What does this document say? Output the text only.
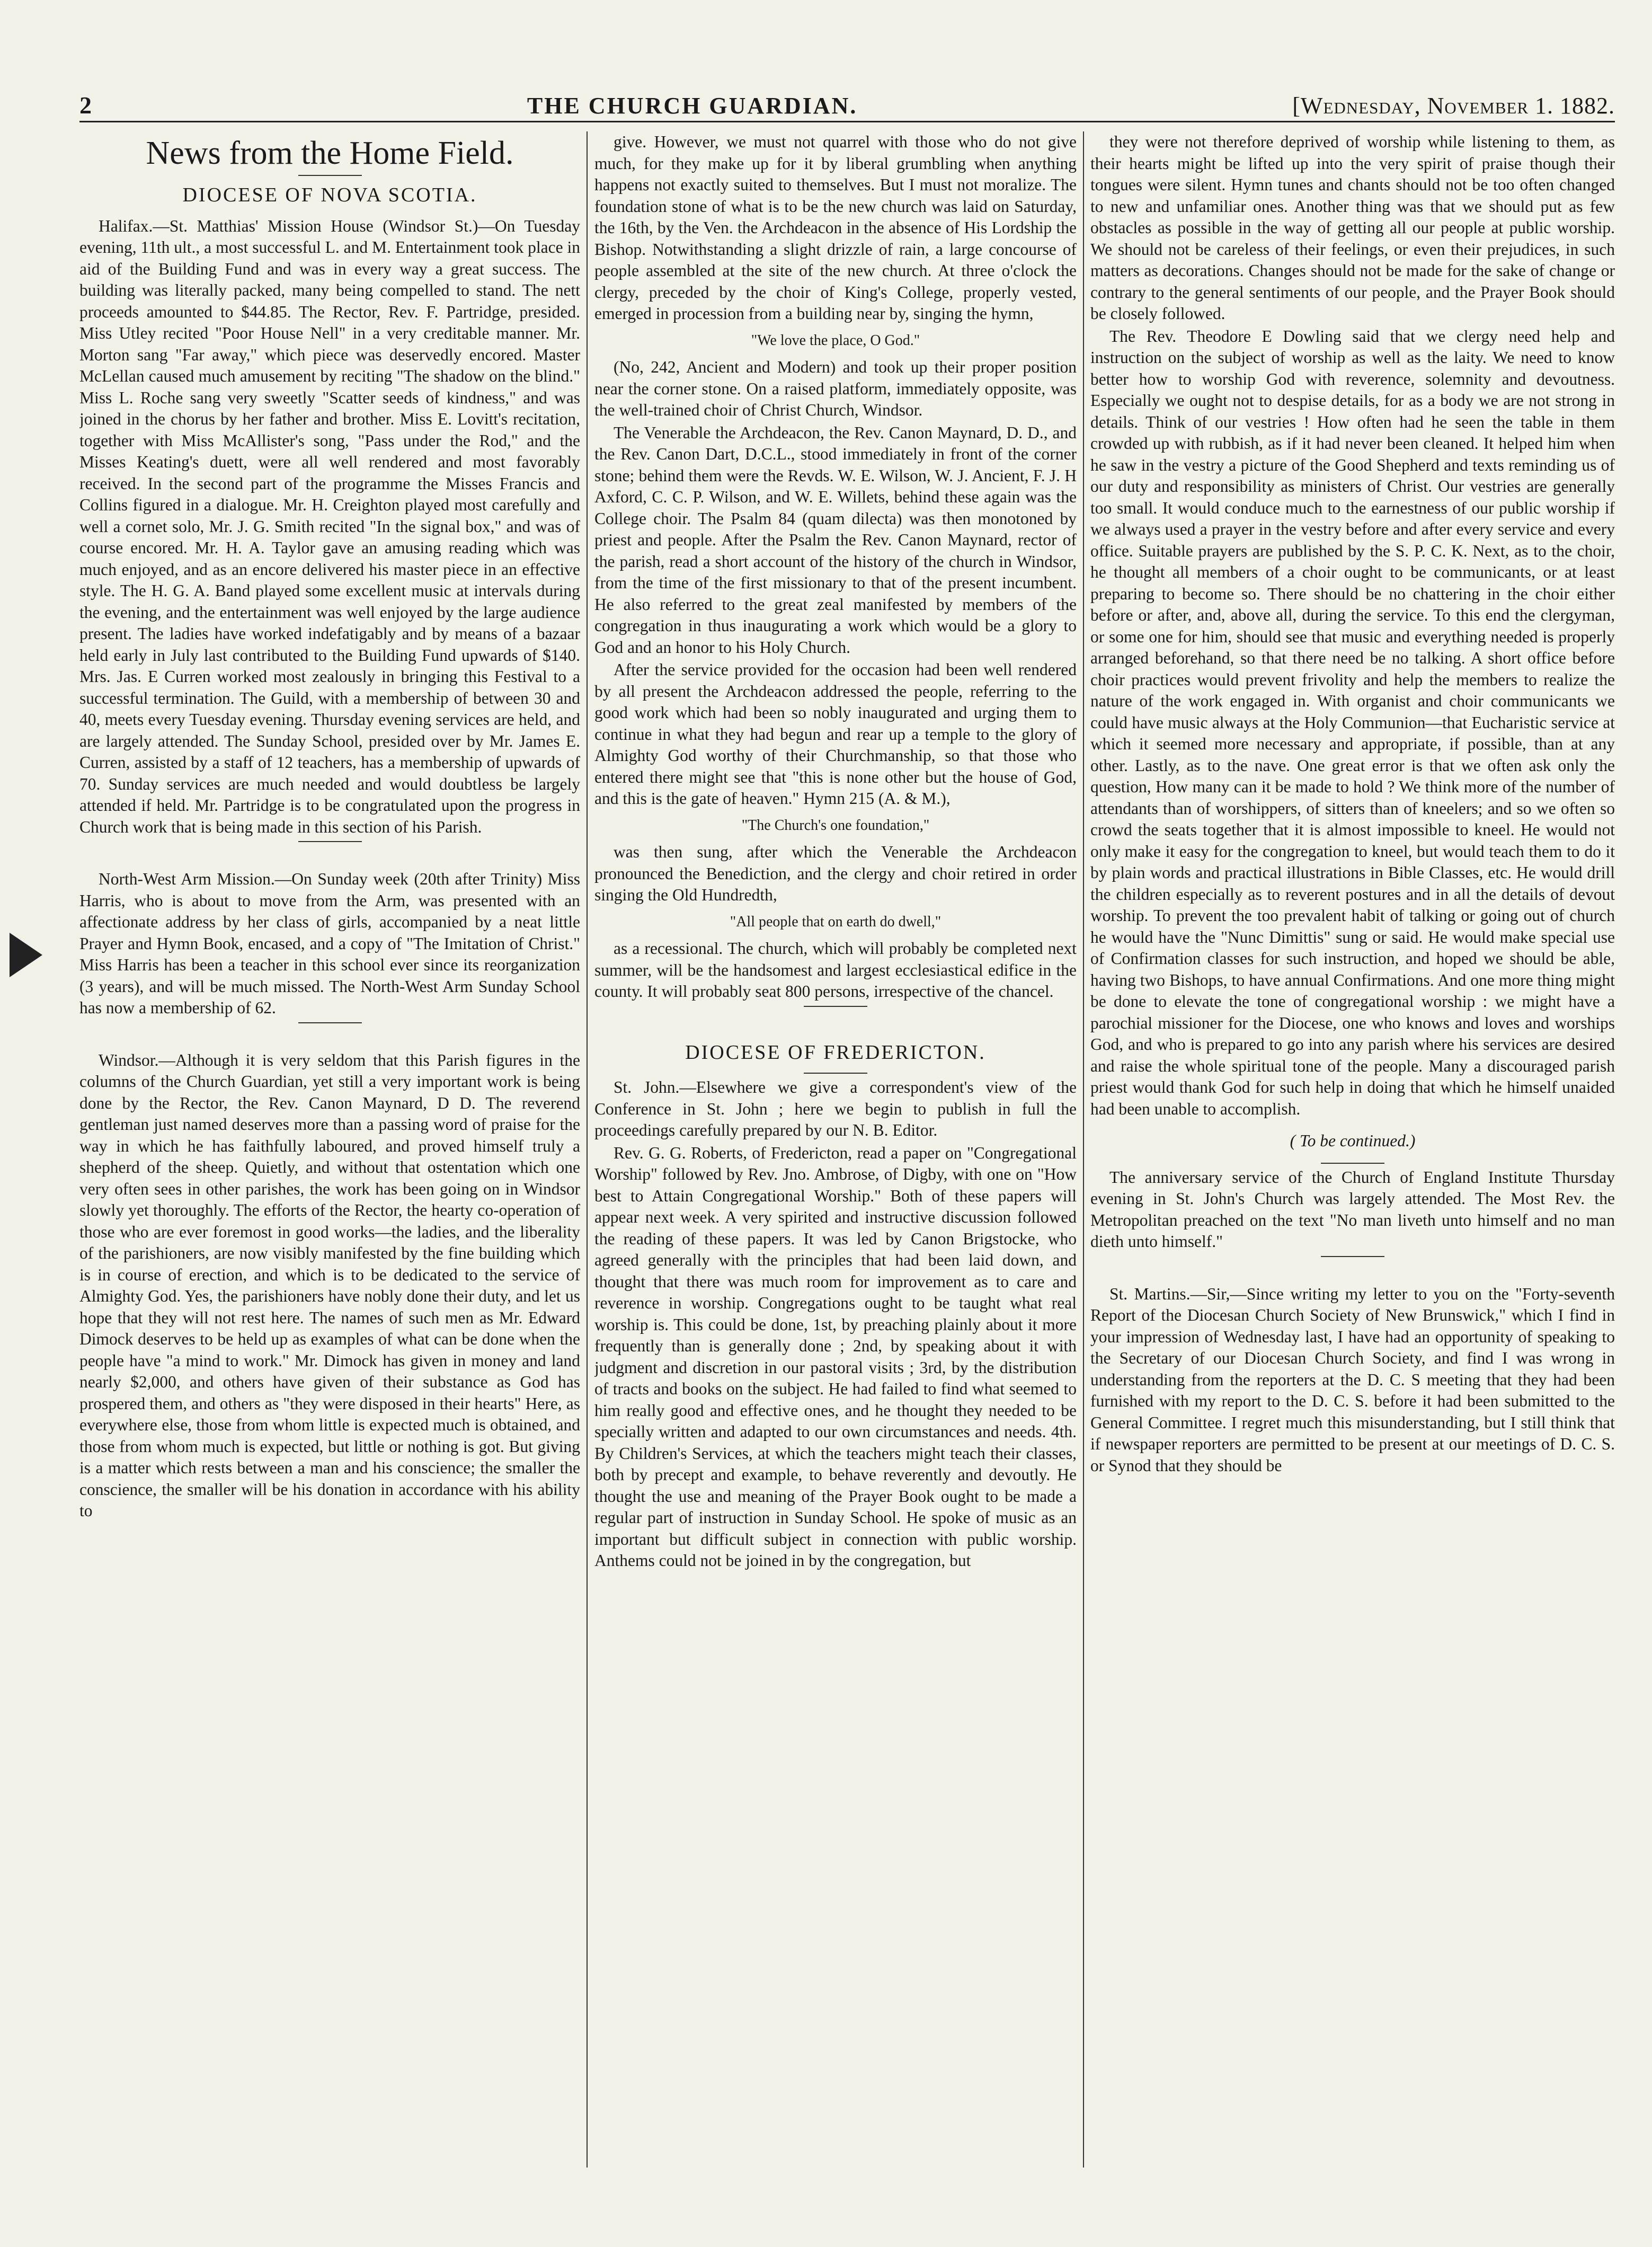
2	THE CHURCH GUARDIAN.	[Wednesday, November 1. 1882.
News from the Home Field.
DIOCESE OF NOVA SCOTIA.

Halifax.—St. Matthias' Mission House (Windsor St.)—On Tuesday evening, 11th ult., a most successful L. and M. Entertainment took place in aid of the Building Fund and was in every way a great success. The building was literally packed, many being compelled to stand. The nett proceeds amounted to $44.85. The Rector, Rev. F. Partridge, presided. Miss Utley recited "Poor House Nell" in a very creditable manner. Mr. Morton sang "Far away," which piece was deservedly encored. Master McLellan caused much amusement by reciting "The shadow on the blind." Miss L. Roche sang very sweetly "Scatter seeds of kindness," and was joined in the chorus by her father and brother. Miss E. Lovitt's recitation, together with Miss McAllister's song, "Pass under the Rod," and the Misses Keating's duett, were all well rendered and most favorably received. In the second part of the programme the Misses Francis and Collins figured in a dialogue. Mr. H. Creighton played most carefully and well a cornet solo, Mr. J. G. Smith recited "In the signal box," and was of course encored. Mr. H. A. Taylor gave an amusing reading which was much enjoyed, and as an encore delivered his master piece in an effective style. The H. G. A. Band played some excellent music at intervals during the evening, and the entertainment was well enjoyed by the large audience present. The ladies have worked indefatigably and by means of a bazaar held early in July last contributed to the Building Fund upwards of $140. Mrs. Jas. E Curren worked most zealously in bringing this Festival to a successful termination. The Guild, with a membership of between 30 and 40, meets every Tuesday evening. Thursday evening services are held, and are largely attended. The Sunday School, presided over by Mr. James E. Curren, assisted by a staff of 12 teachers, has a membership of upwards of 70. Sunday services are much needed and would doubtless be largely attended if held. Mr. Partridge is to be congratulated upon the progress in Church work that is being made in this section of his Parish.

North-West Arm Mission.—On Sunday week (20th after Trinity) Miss Harris, who is about to move from the Arm, was presented with an affectionate address by her class of girls, accompanied by a neat little Prayer and Hymn Book, encased, and a copy of "The Imitation of Christ." Miss Harris has been a teacher in this school ever since its reorganization (3 years), and will be much missed. The North-West Arm Sunday School has now a membership of 62.

Windsor.—Although it is very seldom that this Parish figures in the columns of the Church Guardian, yet still a very important work is being done by the Rector, the Rev. Canon Maynard, D D. The reverend gentleman just named deserves more than a passing word of praise for the way in which he has faithfully laboured, and proved himself truly a shepherd of the sheep. Quietly, and without that ostentation which one very often sees in other parishes, the work has been going on in Windsor slowly yet thoroughly. The efforts of the Rector, the hearty co-operation of those who are ever foremost in good works—the ladies, and the liberality of the parishioners, are now visibly manifested by the fine building which is in course of erection, and which is to be dedicated to the service of Almighty God. Yes, the parishioners have nobly done their duty, and let us hope that they will not rest here. The names of such men as Mr. Edward Dimock deserves to be held up as examples of what can be done when the people have "a mind to work." Mr. Dimock has given in money and land nearly $2,000, and others have given of their substance as God has prospered them, and others as "they were disposed in their hearts" Here, as everywhere else, those from whom little is expected much is obtained, and those from whom much is expected, but little or nothing is got. But giving is a matter which rests between a man and his conscience; the smaller the conscience, the smaller will be his donation in accordance with his ability to

give. However, we must not quarrel with those who do not give much, for they make up for it by liberal grumbling when anything happens not exactly suited to themselves. But I must not moralize. The foundation stone of what is to be the new church was laid on Saturday, the 16th, by the Ven. the Archdeacon in the absence of His Lordship the Bishop. Notwithstanding a slight drizzle of rain, a large concourse of people assembled at the site of the new church. At three o'clock the clergy, preceded by the choir of King's College, properly vested, emerged in procession from a building near by, singing the hymn,

"We love the place, O God."

(No, 242, Ancient and Modern) and took up their proper position near the corner stone. On a raised platform, immediately opposite, was the well-trained choir of Christ Church, Windsor.

The Venerable the Archdeacon, the Rev. Canon Maynard, D. D., and the Rev. Canon Dart, D.C.L., stood immediately in front of the corner stone; behind them were the Revds. W. E. Wilson, W. J. Ancient, F. J. H Axford, C. C. P. Wilson, and W. E. Willets, behind these again was the College choir. The Psalm 84 (quam dilecta) was then monotoned by priest and people. After the Psalm the Rev. Canon Maynard, rector of the parish, read a short account of the history of the church in Windsor, from the time of the first missionary to that of the present incumbent. He also referred to the great zeal manifested by members of the congregation in thus inaugurating a work which would be a glory to God and an honor to his Holy Church.

After the service provided for the occasion had been well rendered by all present the Archdeacon addressed the people, referring to the good work which had been so nobly inaugurated and urging them to continue in what they had begun and rear up a temple to the glory of Almighty God worthy of their Churchmanship, so that those who entered there might see that "this is none other but the house of God, and this is the gate of heaven." Hymn 215 (A. & M.),

"The Church's one foundation,"

was then sung, after which the Venerable the Archdeacon pronounced the Benediction, and the clergy and choir retired in order singing the Old Hundredth,

"All people that on earth do dwell,"

as a recessional. The church, which will probably be completed next summer, will be the handsomest and largest ecclesiastical edifice in the county. It will probably seat 800 persons, irrespective of the chancel.

DIOCESE OF FREDERICTON.

St. John.—Elsewhere we give a correspondent's view of the Conference in St. John ; here we begin to publish in full the proceedings carefully prepared by our N. B. Editor.

Rev. G. G. Roberts, of Fredericton, read a paper on "Congregational Worship" followed by Rev. Jno. Ambrose, of Digby, with one on "How best to Attain Congregational Worship." Both of these papers will appear next week. A very spirited and instructive discussion followed the reading of these papers. It was led by Canon Brigstocke, who agreed generally with the principles that had been laid down, and thought that there was much room for improvement as to care and reverence in worship. Congregations ought to be taught what real worship is. This could be done, 1st, by preaching plainly about it more frequently than is generally done ; 2nd, by speaking about it with judgment and discretion in our pastoral visits ; 3rd, by the distribution of tracts and books on the subject. He had failed to find what seemed to him really good and effective ones, and he thought they needed to be specially written and adapted to our own circumstances and needs. 4th. By Children's Services, at which the teachers might teach their classes, both by precept and example, to behave reverently and devoutly. He thought the use and meaning of the Prayer Book ought to be made a regular part of instruction in Sunday School. He spoke of music as an important but difficult subject in connection with public worship. Anthems could not be joined in by the congregation, but

they were not therefore deprived of worship while listening to them, as their hearts might be lifted up into the very spirit of praise though their tongues were silent. Hymn tunes and chants should not be too often changed to new and unfamiliar ones. Another thing was that we should put as few obstacles as possible in the way of getting all our people at public worship. We should not be careless of their feelings, or even their prejudices, in such matters as decorations. Changes should not be made for the sake of change or contrary to the general sentiments of our people, and the Prayer Book should be closely followed.

The Rev. Theodore E Dowling said that we clergy need help and instruction on the subject of worship as well as the laity. We need to know better how to worship God with reverence, solemnity and devoutness. Especially we ought not to despise details, for as a body we are not strong in details. Think of our vestries ! How often had he seen the table in them crowded up with rubbish, as if it had never been cleaned. It helped him when he saw in the vestry a picture of the Good Shepherd and texts reminding us of our duty and responsibility as ministers of Christ. Our vestries are generally too small. It would conduce much to the earnestness of our public worship if we always used a prayer in the vestry before and after every service and every office. Suitable prayers are published by the S. P. C. K. Next, as to the choir, he thought all members of a choir ought to be communicants, or at least preparing to become so. There should be no chattering in the choir either before or after, and, above all, during the service. To this end the clergyman, or some one for him, should see that music and everything needed is properly arranged beforehand, so that there need be no talking. A short office before choir practices would prevent frivolity and help the members to realize the nature of the work engaged in. With organist and choir communicants we could have music always at the Holy Communion—that Eucharistic service at which it seemed more necessary and appropriate, if possible, than at any other. Lastly, as to the nave. One great error is that we often ask only the question, How many can it be made to hold ? We think more of the number of attendants than of worshippers, of sitters than of kneelers; and so we often so crowd the seats together that it is almost impossible to kneel. He would not only make it easy for the congregation to kneel, but would teach them to do it by plain words and practical illustrations in Bible Classes, etc. He would drill the children especially as to reverent postures and in all the details of devout worship. To prevent the too prevalent habit of talking or going out of church he would have the "Nunc Dimittis" sung or said. He would make special use of Confirmation classes for such instruction, and hoped we should be able, having two Bishops, to have annual Confirmations. And one more thing might be done to elevate the tone of congregational worship : we might have a parochial missioner for the Diocese, one who knows and loves and worships God, and who is prepared to go into any parish where his services are desired and raise the whole spiritual tone of the people. Many a discouraged parish priest would thank God for such help in doing that which he himself unaided had been unable to accomplish.

( To be continued.)

The anniversary service of the Church of England Institute Thursday evening in St. John's Church was largely attended. The Most Rev. the Metropolitan preached on the text "No man liveth unto himself and no man dieth unto himself."

St. Martins.—Sir,—Since writing my letter to you on the "Forty-seventh Report of the Diocesan Church Society of New Brunswick," which I find in your impression of Wednesday last, I have had an opportunity of speaking to the Secretary of our Diocesan Church Society, and find I was wrong in understanding from the reporters at the D. C. S meeting that they had been furnished with my report to the D. C. S. before it had been submitted to the General Committee. I regret much this misunderstanding, but I still think that if newspaper reporters are permitted to be present at our meetings of D. C. S. or Synod that they should be
